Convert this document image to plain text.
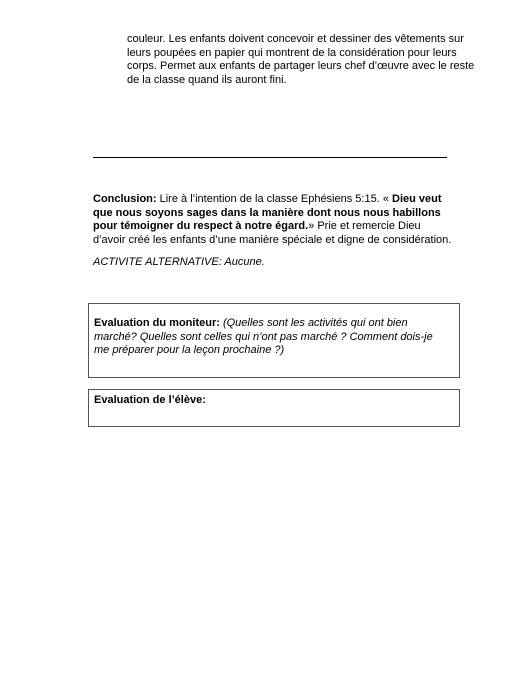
couleur. Les enfants doivent concevoir et dessiner des vêtements sur leurs poupées en papier qui montrent de la considération pour leurs corps. Permet aux enfants de partager leurs chef d’œuvre avec le reste de la classe quand ils auront fini.

Conclusion: Lire à l’intention de la classe Ephésiens 5:15. « Dieu veut que nous soyons sages dans la manière dont nous nous habillons pour témoigner du respect à notre égard.» Prie et remercie Dieu d’avoir créé les enfants d’une manière spéciale et digne de considération.

ACTIVITE ALTERNATIVE: Aucune.

Evaluation du moniteur: (Quelles sont les activités qui ont bien marché? Quelles sont celles qui n’ont pas marché ? Comment dois-je me préparer pour la leçon prochaine ?)

Evaluation de l’élève:
